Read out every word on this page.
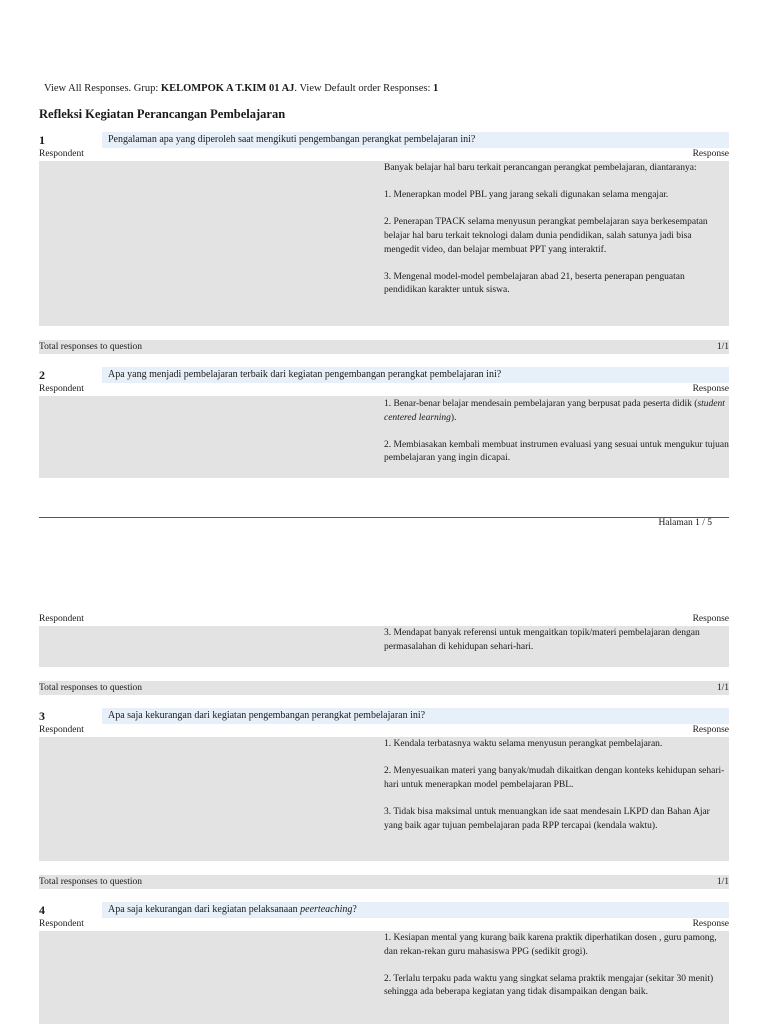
View All Responses. Grup: KELOMPOK A T.KIM 01 AJ. View Default order Responses: 1
Refleksi Kegiatan Perancangan Pembelajaran
1	Pengalaman apa yang diperoleh saat mengikuti pengembangan perangkat pembelajaran ini?
Respondent	Response

Banyak belajar hal baru terkait perancangan perangkat pembelajaran, diantaranya:

1. Menerapkan model PBL yang jarang sekali digunakan selama mengajar.

2. Penerapan TPACK selama menyusun perangkat pembelajaran saya berkesempatan belajar hal baru terkait teknologi dalam dunia pendidikan, salah satunya jadi bisa mengedit video, dan belajar membuat PPT yang interaktif.

3. Mengenal model-model pembelajaran abad 21, beserta penerapan penguatan pendidikan karakter untuk siswa.

Total responses to question	1/1
2	Apa yang menjadi pembelajaran terbaik dari kegiatan pengembangan perangkat pembelajaran ini?
Respondent	Response

1. Benar-benar belajar mendesain pembelajaran yang berpusat pada peserta didik (student centered learning).

2. Membiasakan kembali membuat instrumen evaluasi yang sesuai untuk mengukur tujuan pembelajaran yang ingin dicapai.

Halaman 1 / 5
Respondent	Response

3. Mendapat banyak referensi untuk mengaitkan topik/materi pembelajaran dengan permasalahan di kehidupan sehari-hari.

Total responses to question	1/1
3	Apa saja kekurangan dari kegiatan pengembangan perangkat pembelajaran ini?
Respondent	Response

1. Kendala terbatasnya waktu selama menyusun perangkat pembelajaran.

2. Menyesuaikan materi yang banyak/mudah dikaitkan dengan konteks kehidupan sehari-hari untuk menerapkan model pembelajaran PBL.

3. Tidak bisa maksimal untuk menuangkan ide saat mendesain LKPD dan Bahan Ajar yang baik agar tujuan pembelajaran pada RPP tercapai (kendala waktu).

Total responses to question	1/1
4	Apa saja kekurangan dari kegiatan pelaksanaan peerteaching?
Respondent	Response

1. Kesiapan mental yang kurang baik karena praktik diperhatikan dosen , guru pamong, dan rekan-rekan guru mahasiswa PPG (sedikit grogi).

2. Terlalu terpaku pada waktu yang singkat selama praktik mengajar (sekitar 30 menit) sehingga ada beberapa kegiatan yang tidak disampaikan dengan baik.
